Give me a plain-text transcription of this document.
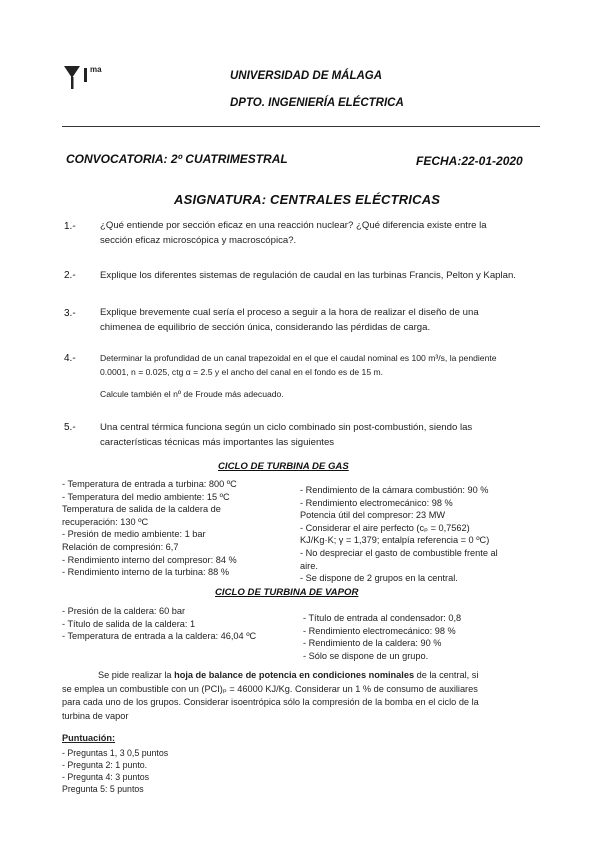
ma
UNIVERSIDAD DE MÁLAGA
DPTO. INGENIERÍA ELÉCTRICA
CONVOCATORIA: 2º CUATRIMESTRAL	FECHA:22-01-2020
ASIGNATURA: CENTRALES ELÉCTRICAS
1.-	¿Qué entiende por sección eficaz en una reacción nuclear? ¿Qué diferencia existe entre la
sección eficaz microscópica y macroscópica?.
2.-	Explique los diferentes sistemas de regulación de caudal en las turbinas Francis, Pelton y Kaplan.
3.-	Explique brevemente cual sería el proceso a seguir a la hora de realizar el diseño de una
chimenea de equilibrio de sección única, considerando las pérdidas de carga.
4.-	Determinar la profundidad de un canal trapezoidal en el que el caudal nominal es 100 m³/s, la pendiente
0.0001, n = 0.025, ctg α = 2.5 y el ancho del canal en el fondo es de 15 m.
Calcule también el nº de Froude más adecuado.
5.-	Una central térmica funciona según un ciclo combinado sin post-combustión, siendo las
características técnicas más importantes las siguientes
CICLO DE TURBINA DE GAS
- Temperatura de entrada a turbina: 800 ºC
- Temperatura del medio ambiente: 15 ºC
Temperatura de salida de la caldera de
recuperación: 130 ºC
- Presión de medio ambiente: 1 bar
Relación de compresión: 6,7
- Rendimiento interno del compresor: 84 %
- Rendimiento interno de la turbina: 88 %
- Rendimiento de la cámara combustión: 90 %
- Rendimiento electromecánico: 98 %
Potencia útil del compresor: 23 MW
- Considerar el aire perfecto (cₚ = 0,7562)
KJ/Kg·K; γ = 1,379; entalpía referencia = 0 ºC)
- No despreciar el gasto de combustible frente al
aire.
- Se dispone de 2 grupos en la central.
CICLO DE TURBINA DE VAPOR
- Presión de la caldera: 60 bar
- Título de salida de la caldera: 1
- Temperatura de entrada a la caldera: 46,04 ºC
- Título de entrada al condensador: 0,8
- Rendimiento electromecánico: 98 %
- Rendimiento de la caldera: 90 %
- Sólo se dispone de un grupo.
Se pide realizar la hoja de balance de potencia en condiciones nominales de la central, si
se emplea un combustible con un (PCI)ₚ = 46000 KJ/Kg. Considerar un 1 % de consumo de auxiliares
para cada uno de los grupos. Considerar isoentrópica sólo la compresión de la bomba en el ciclo de la
turbina de vapor
Puntuación:
- Preguntas 1, 3 0,5 puntos
- Pregunta 2: 1 punto.
- Pregunta 4: 3 puntos
Pregunta 5: 5 puntos
